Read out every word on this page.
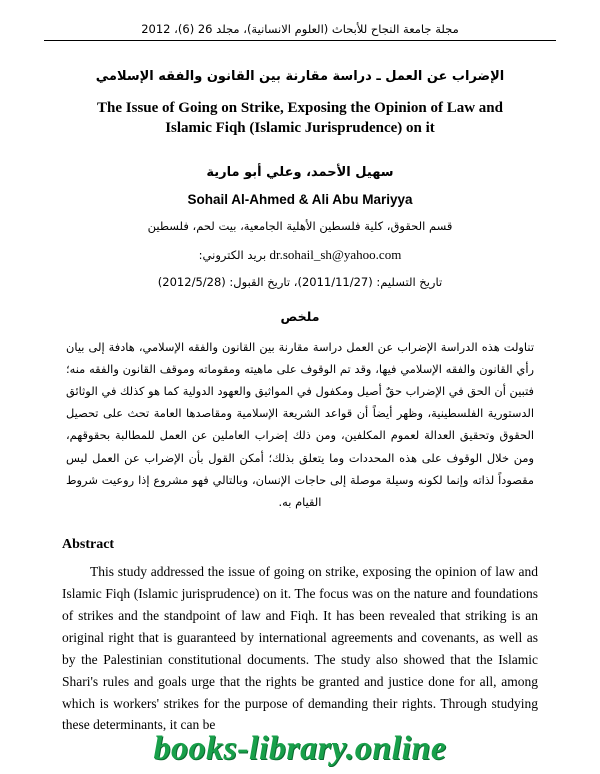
مجلة جامعة النجاح للأبحاث (العلوم الانسانية)، مجلد 26 (6)، 2012
الإضراب عن العمل ـ دراسة مقارنة بين القانون والفقه الإسلامي
The Issue of Going on Strike, Exposing the Opinion of Law and Islamic Fiqh (Islamic Jurisprudence) on it
سهيل الأحمد، وعلي أبو مارية
Sohail Al-Ahmed & Ali Abu Mariyya
قسم الحقوق، كلية فلسطين الأهلية الجامعية، بيت لحم، فلسطين
dr.sohail_sh@yahoo.com بريد الكتروني:
تاريخ التسليم: (2011/11/27)، تاريخ القبول: (2012/5/28)
ملخص
تناولت هذه الدراسة الإضراب عن العمل دراسة مقارنة بين القانون والفقه الإسلامي، هادفة إلى بيان رأي القانون والفقه الإسلامي فيها، وقد تم الوقوف على ماهيته ومقوماته وموقف القانون والفقه منه؛ فتبين أن الحق في الإضراب حقٌ أصيل ومكفول في المواثيق والعهود الدولية كما هو كذلك في الوثائق الدستورية الفلسطينية، وظهر أيضاً أن قواعد الشريعة الإسلامية ومقاصدها العامة تحث على تحصيل الحقوق وتحقيق العدالة لعموم المكلفين، ومن ذلك إضراب العاملين عن العمل للمطالبة بحقوقهم، ومن خلال الوقوف على هذه المحددات وما يتعلق بذلك؛ أمكن القول بأن الإضراب عن العمل ليس مقصوداً لذاته وإنما لكونه وسيلة موصلة إلى حاجات الإنسان، وبالتالي فهو مشروع إذا روعيت شروط القيام به.
Abstract
This study addressed the issue of going on strike, exposing the opinion of law and Islamic Fiqh (Islamic jurisprudence) on it. The focus was on the nature and foundations of strikes and the standpoint of law and Fiqh. It has been revealed that striking is an original right that is guaranteed by international agreements and covenants, as well as by the Palestinian constitutional documents. The study also showed that the Islamic Shari's rules and goals urge that the rights be granted and justice done for all, among which is workers' strikes for the purpose of demanding their rights. Through studying these determinants, it can be
books-library.online
